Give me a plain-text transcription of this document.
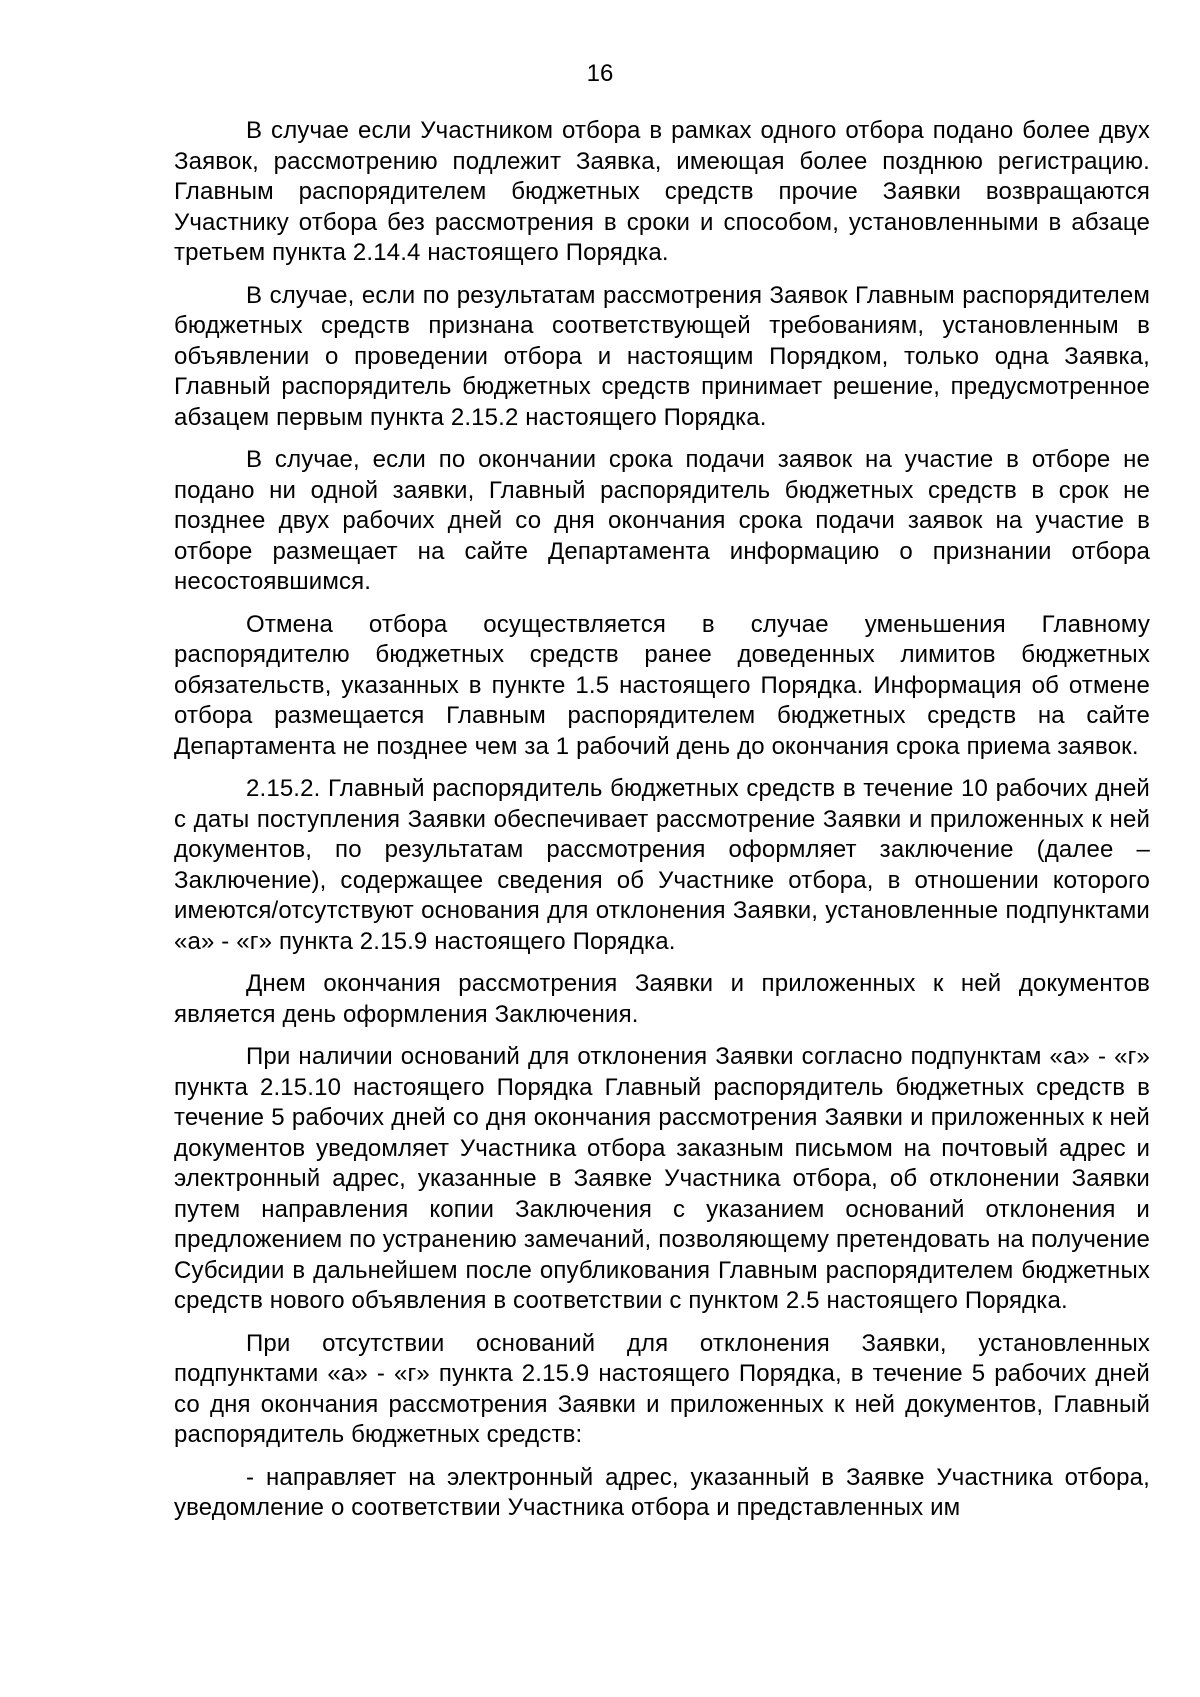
16

В случае если Участником отбора в рамках одного отбора подано более двух Заявок, рассмотрению подлежит Заявка, имеющая более позднюю регистрацию. Главным распорядителем бюджетных средств прочие Заявки возвращаются Участнику отбора без рассмотрения в сроки и способом, установленными в абзаце третьем пункта 2.14.4 настоящего Порядка.

В случае, если по результатам рассмотрения Заявок Главным распорядителем бюджетных средств признана соответствующей требованиям, установленным в объявлении о проведении отбора и настоящим Порядком, только одна Заявка, Главный распорядитель бюджетных средств принимает решение, предусмотренное абзацем первым пункта 2.15.2 настоящего Порядка.

В случае, если по окончании срока подачи заявок на участие в отборе не подано ни одной заявки, Главный распорядитель бюджетных средств в срок не позднее двух рабочих дней со дня окончания срока подачи заявок на участие в отборе размещает на сайте Департамента информацию о признании отбора несостоявшимся.

Отмена отбора осуществляется в случае уменьшения Главному распорядителю бюджетных средств ранее доведенных лимитов бюджетных обязательств, указанных в пункте 1.5 настоящего Порядка. Информация об отмене отбора размещается Главным распорядителем бюджетных средств на сайте Департамента не позднее чем за 1 рабочий день до окончания срока приема заявок.

2.15.2. Главный распорядитель бюджетных средств в течение 10 рабочих дней с даты поступления Заявки обеспечивает рассмотрение Заявки и приложенных к ней документов, по результатам рассмотрения оформляет заключение (далее – Заключение), содержащее сведения об Участнике отбора, в отношении которого имеются/отсутствуют основания для отклонения Заявки, установленные подпунктами «а» - «г» пункта 2.15.9 настоящего Порядка.

Днем окончания рассмотрения Заявки и приложенных к ней документов является день оформления Заключения.

При наличии оснований для отклонения Заявки согласно подпунктам «а» - «г» пункта 2.15.10 настоящего Порядка Главный распорядитель бюджетных средств в течение 5 рабочих дней со дня окончания рассмотрения Заявки и приложенных к ней документов уведомляет Участника отбора заказным письмом на почтовый адрес и электронный адрес, указанные в Заявке Участника отбора, об отклонении Заявки путем направления копии Заключения с указанием оснований отклонения и предложением по устранению замечаний, позволяющему претендовать на получение Субсидии в дальнейшем после опубликования Главным распорядителем бюджетных средств нового объявления в соответствии с пунктом 2.5 настоящего Порядка.

При отсутствии оснований для отклонения Заявки, установленных подпунктами «а» - «г» пункта 2.15.9 настоящего Порядка, в течение 5 рабочих дней со дня окончания рассмотрения Заявки и приложенных к ней документов, Главный распорядитель бюджетных средств:

- направляет на электронный адрес, указанный в Заявке Участника отбора, уведомление о соответствии Участника отбора и представленных им
